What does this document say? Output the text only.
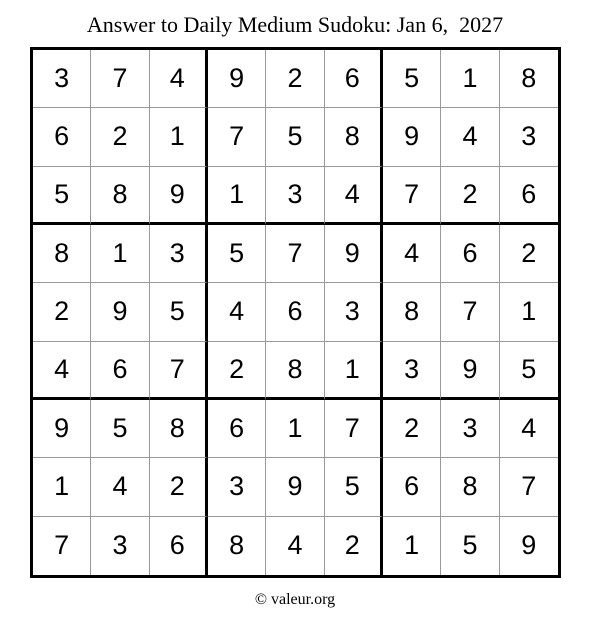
Answer to Daily Medium Sudoku: Jan 6,  2027
3	7	4	9	2	6	5	1	8
6	2	1	7	5	8	9	4	3
5	8	9	1	3	4	7	2	6
8	1	3	5	7	9	4	6	2
2	9	5	4	6	3	8	7	1
4	6	7	2	8	1	3	9	5
9	5	8	6	1	7	2	3	4
1	4	2	3	9	5	6	8	7
7	3	6	8	4	2	1	5	9
© valeur.org
